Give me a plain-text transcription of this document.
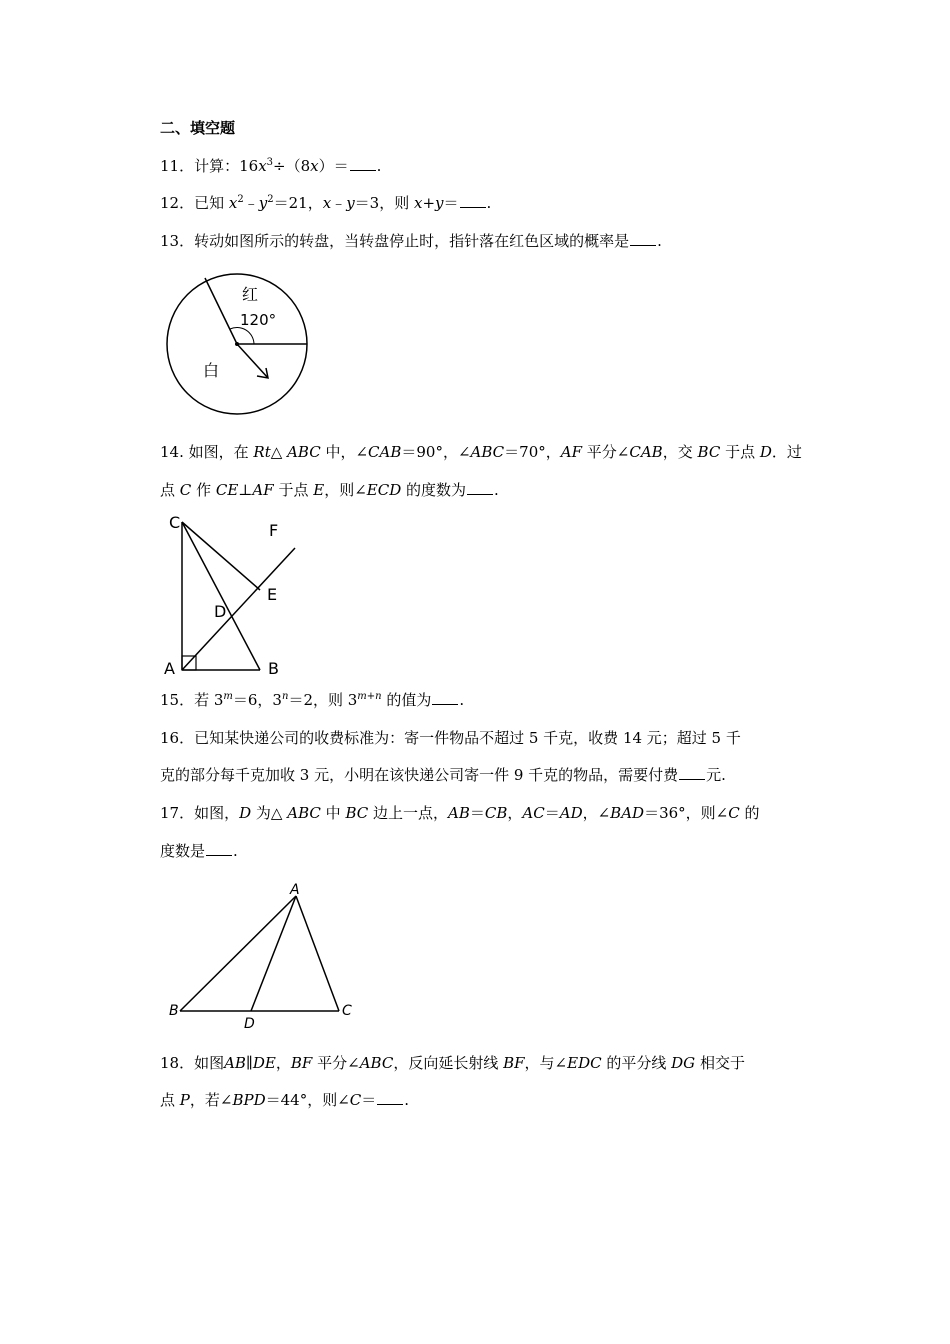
二、填空题
11．计算：$16x^3\div(8x)=$ .
12．已知 $x^2﹣y^2=21$，x﹣y＝3，则 x+y＝ .
13．转动如图所示的转盘，当转盘停止时，指针落在红色区域的概率是 .
红
120°
白
14. 如图，在 Rt△ ABC 中，∠CAB＝90°，∠ABC＝70°，AF 平分∠CAB，交 BC 于点 D．过
点 C 作 CE⊥AF 于点 E，则∠ECD 的度数为 .
C	F
E
D
A	B
15．若 $3^m=6$，$3^n=2$，则 $3^{m+n}$ 的值为 .
16．已知某快递公司的收费标准为：寄一件物品不超过 5 千克，收费 14 元；超过 5 千
克的部分每千克加收 3 元，小明在该快递公司寄一件 9 千克的物品，需要付费 元.
17．如图，D 为△ ABC 中 BC 边上一点，AB＝CB，AC＝AD，∠BAD＝36°，则∠C 的
度数是 .
A
B
D
C
18．如图AB∥DE，BF 平分∠ABC，反向延长射线 BF，与∠EDC 的平分线 DG 相交于
点 P，若∠BPD＝44°，则∠C＝ .
